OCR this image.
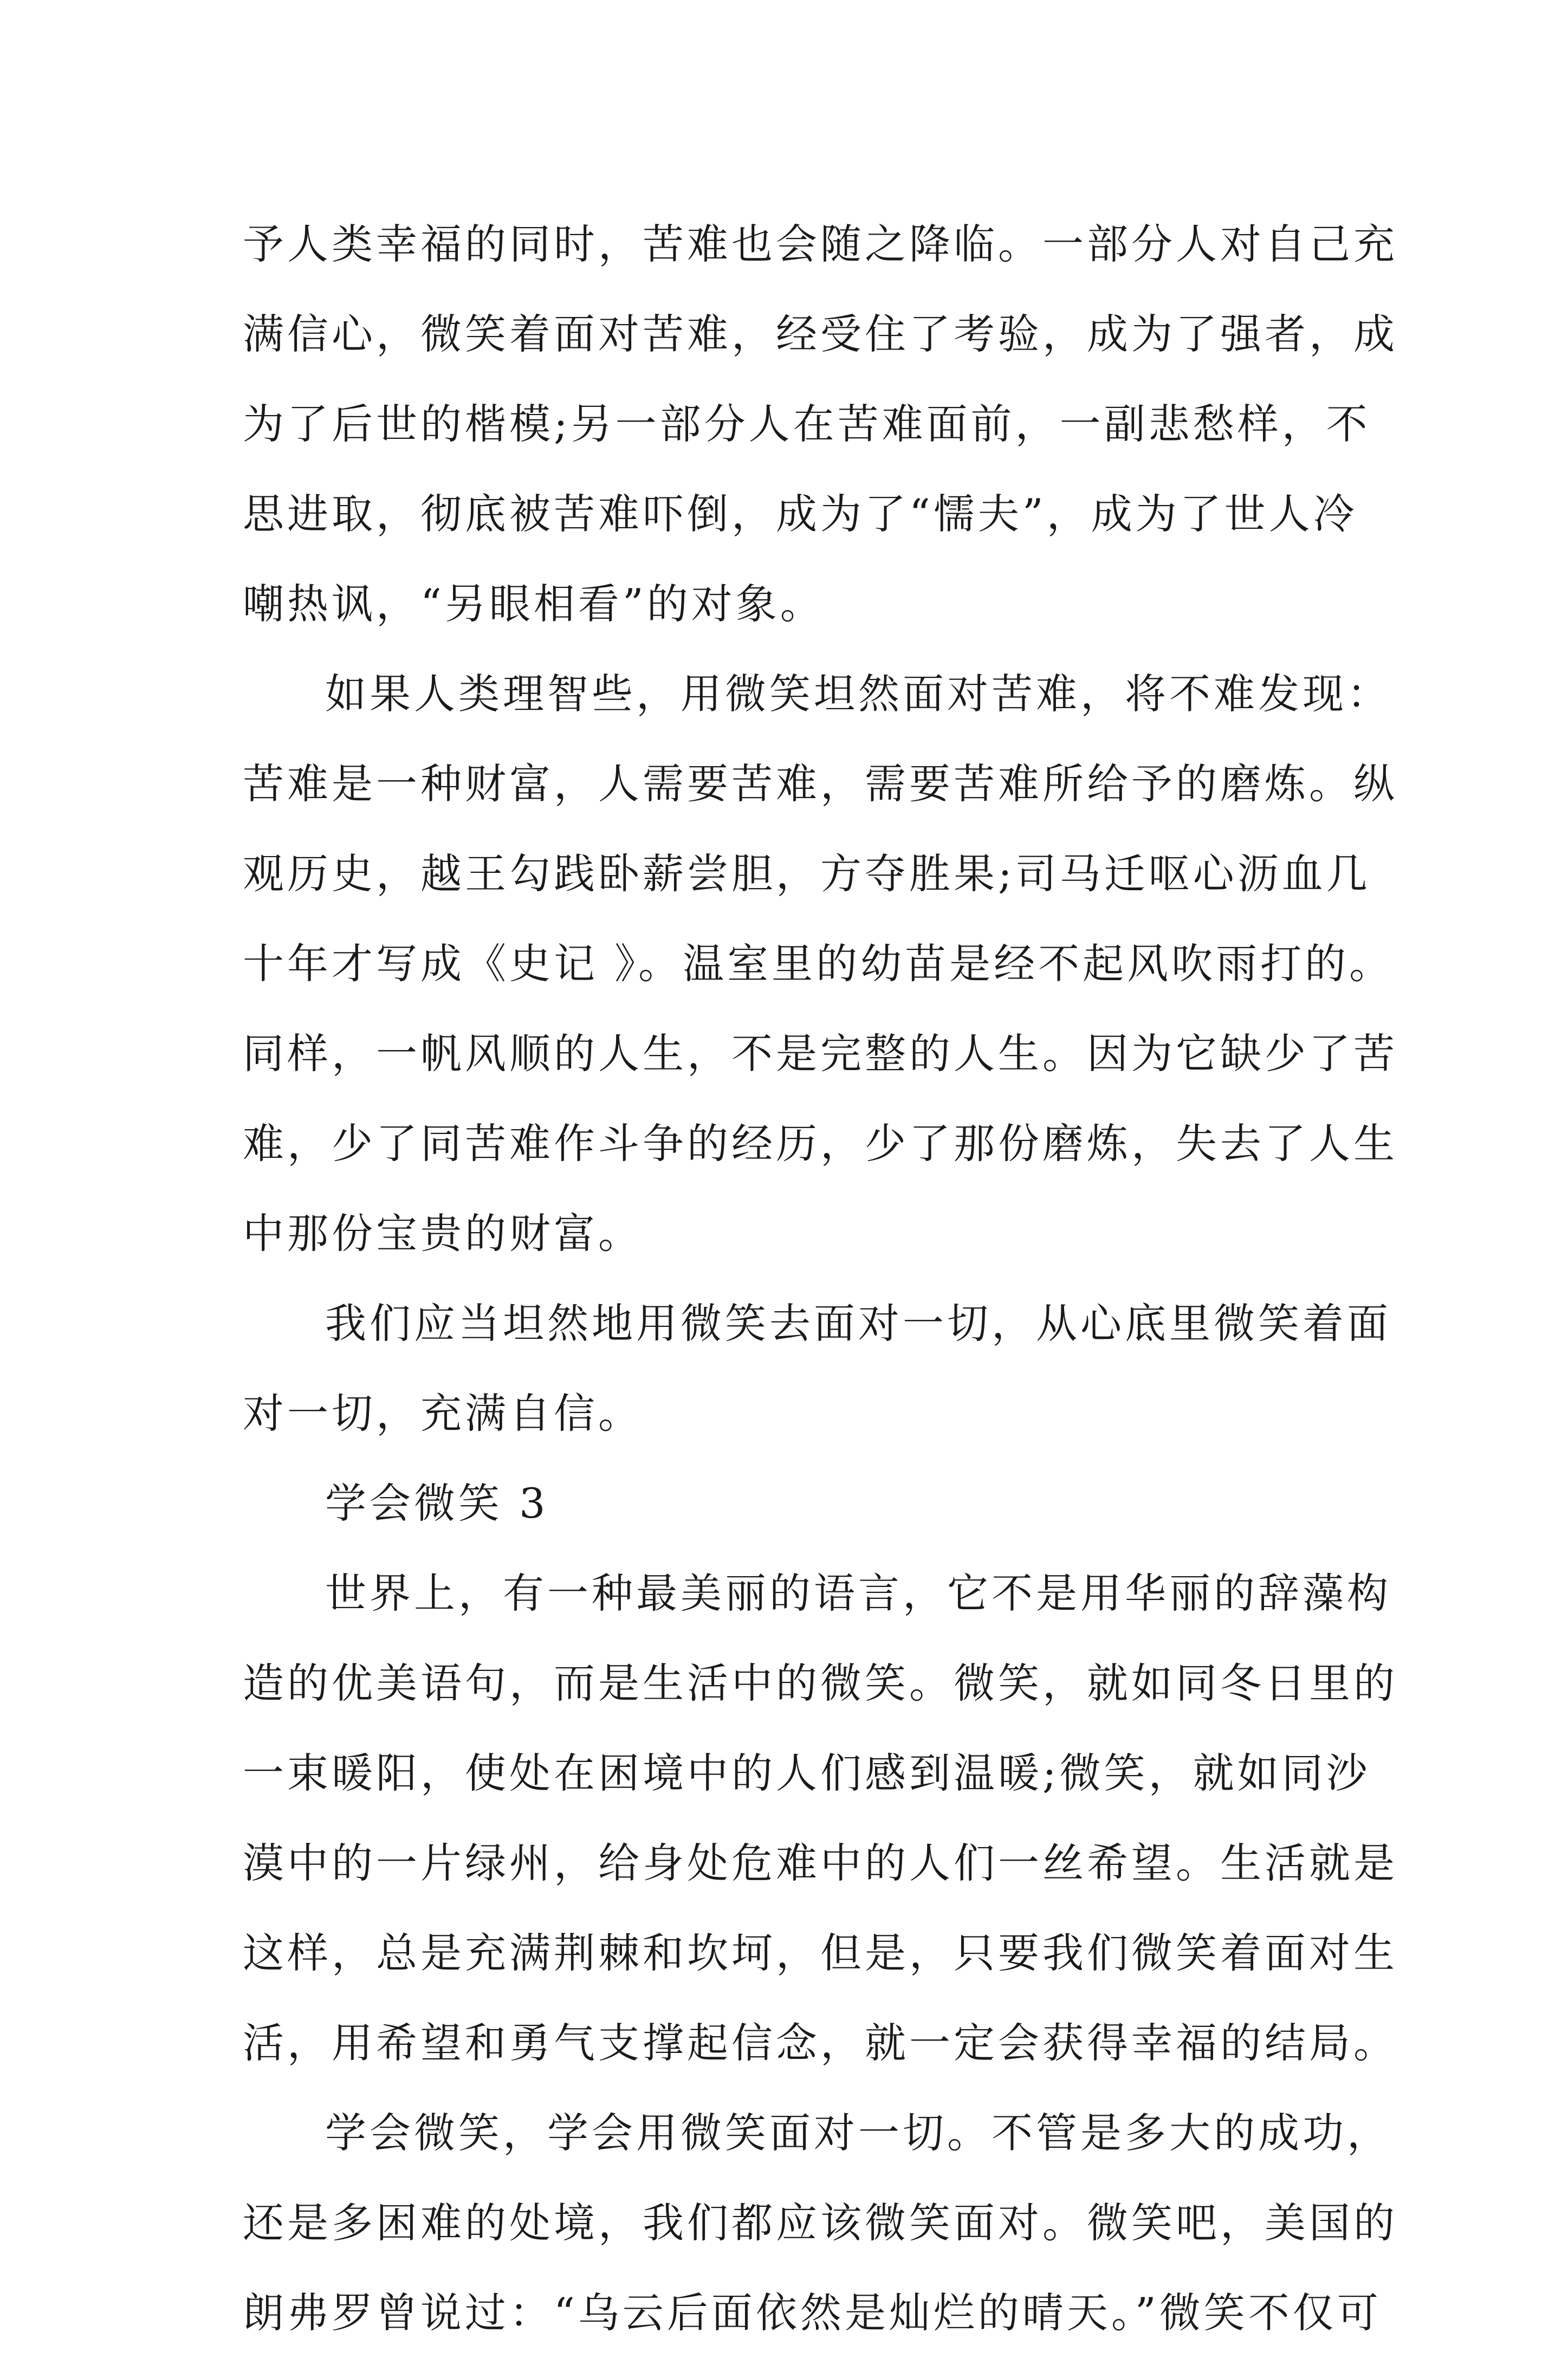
予人类幸福的同时，苦难也会随之降临。一部分人对自己充
满信心，微笑着面对苦难，经受住了考验，成为了强者，成
为了后世的楷模;另一部分人在苦难面前，一副悲愁样，不
思进取，彻底被苦难吓倒，成为了“懦夫”，成为了世人冷
嘲热讽，“另眼相看”的对象。
如果人类理智些，用微笑坦然面对苦难，将不难发现：
苦难是一种财富，人需要苦难，需要苦难所给予的磨炼。纵
观历史，越王勾践卧薪尝胆，方夺胜果;司马迁呕心沥血几
十年才写成《史记 》。温室里的幼苗是经不起风吹雨打的。
同样，一帆风顺的人生，不是完整的人生。因为它缺少了苦
难，少了同苦难作斗争的经历，少了那份磨炼，失去了人生
中那份宝贵的财富。
我们应当坦然地用微笑去面对一切，从心底里微笑着面
对一切，充满自信。
学会微笑 3
世界上，有一种最美丽的语言，它不是用华丽的辞藻构
造的优美语句，而是生活中的微笑。微笑，就如同冬日里的
一束暖阳，使处在困境中的人们感到温暖;微笑，就如同沙
漠中的一片绿州，给身处危难中的人们一丝希望。生活就是
这样，总是充满荆棘和坎坷，但是，只要我们微笑着面对生
活，用希望和勇气支撑起信念，就一定会获得幸福的结局。
学会微笑，学会用微笑面对一切。不管是多大的成功，
还是多困难的处境，我们都应该微笑面对。微笑吧，美国的
朗弗罗曾说过：“乌云后面依然是灿烂的晴天。”微笑不仅可
